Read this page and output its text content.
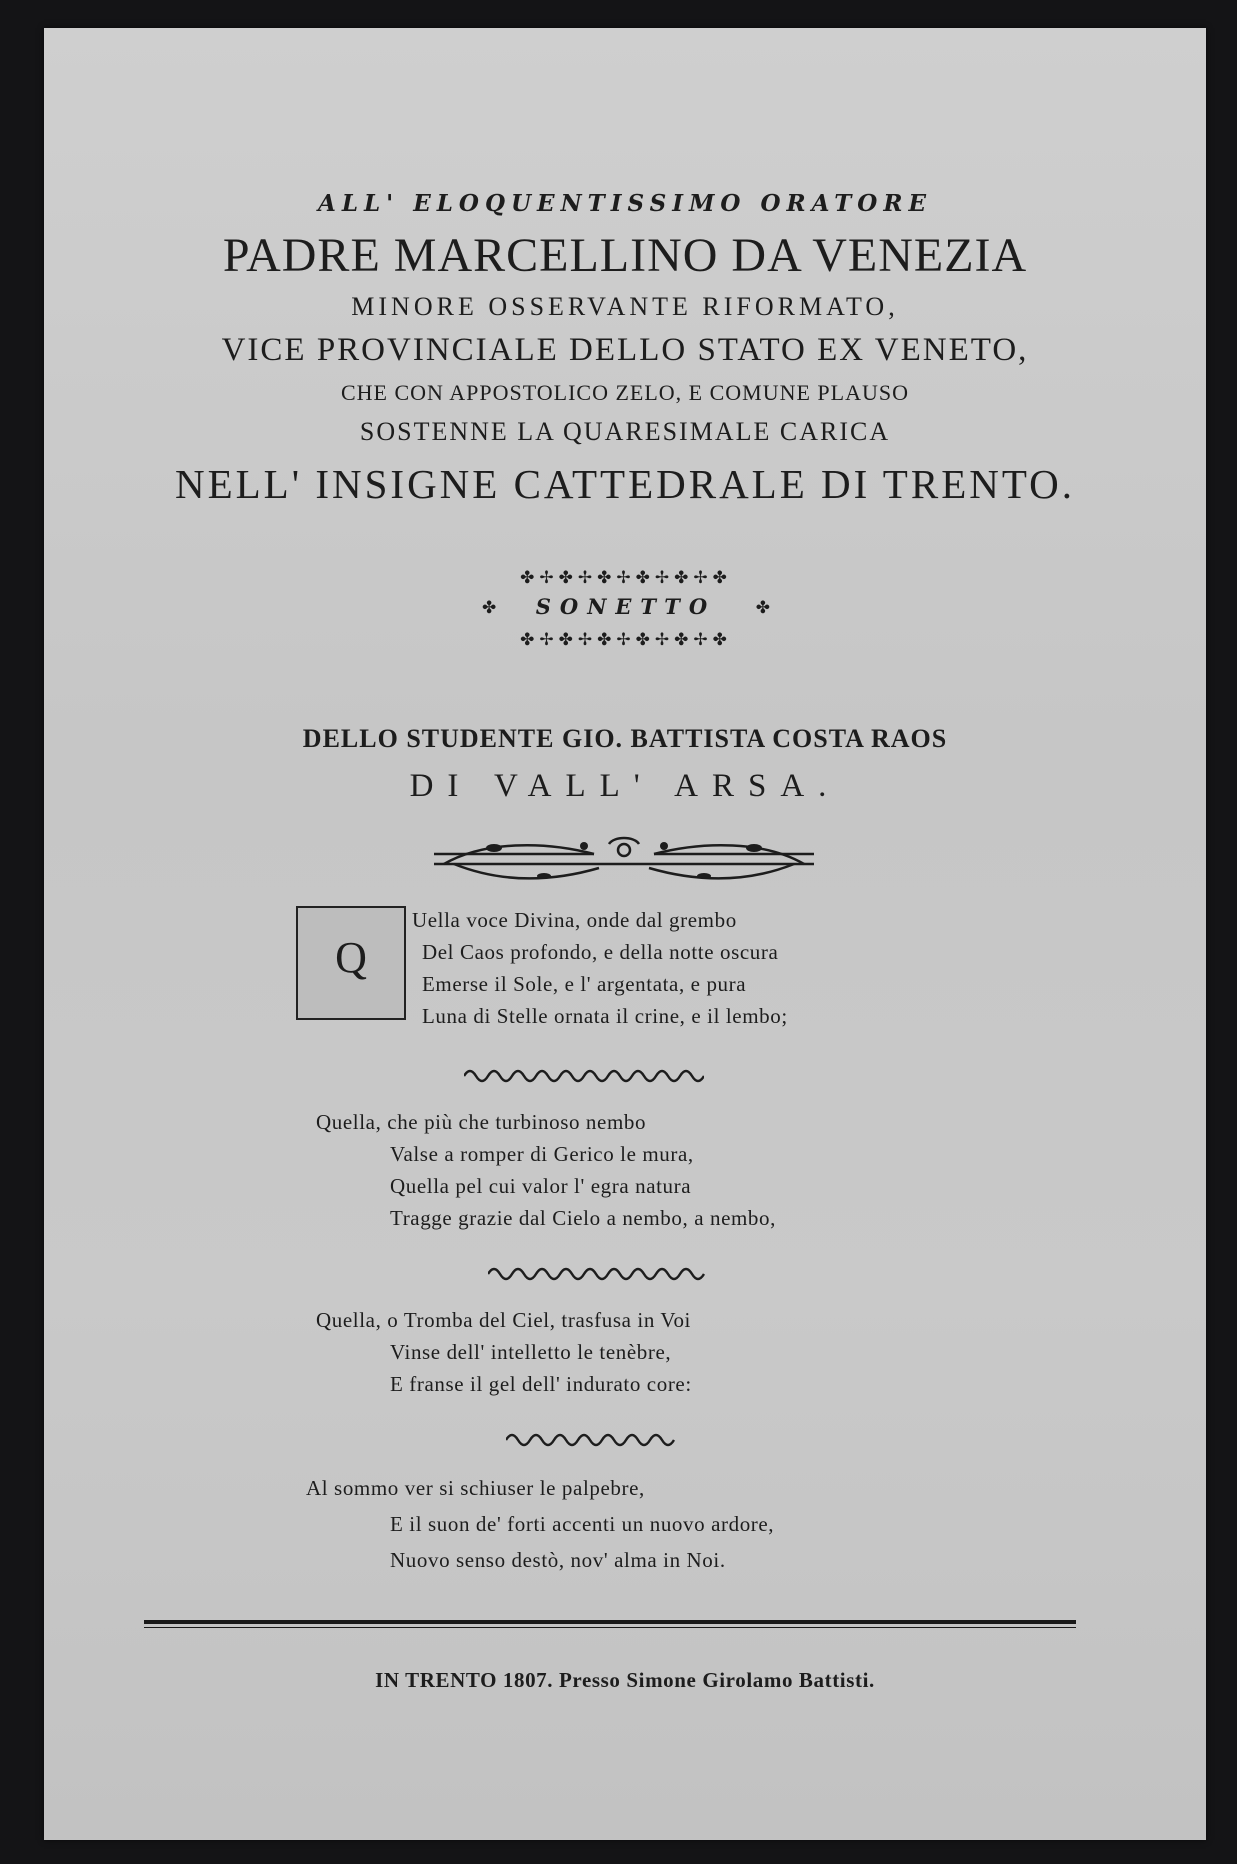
ALL' ELOQUENTISSIMO ORATORE
PADRE MARCELLINO DA VENEZIA
MINORE OSSERVANTE RIFORMATO,
VICE PROVINCIALE DELLO STATO EX VENETO,
CHE CON APPOSTOLICO ZELO, E COMUNE PLAUSO
SOSTENNE LA QUARESIMALE CARICA
NELL' INSIGNE CATTEDRALE DI TRENTO.
✤✢✤✢✤✢✤✢✤✢✤
✤	SONETTO	✤
✤✢✤✢✤✢✤✢✤✢✤
DELLO STUDENTE GIO. BATTISTA COSTA RAOS
DI VALL' ARSA.
Q
Uella voce Divina, onde dal grembo
Del Caos profondo, e della notte oscura
Emerse il Sole, e l' argentata, e pura
Luna di Stelle ornata il crine, e il lembo;
Quella, che più che turbinoso nembo
Valse a romper di Gerico le mura,
Quella pel cui valor l' egra natura
Tragge grazie dal Cielo a nembo, a nembo,
Quella, o Tromba del Ciel, trasfusa in Voi
Vinse dell' intelletto le tenèbre,
E franse il gel dell' indurato core:
Al sommo ver si schiuser le palpebre,
E il suon de' forti accenti un nuovo ardore,
Nuovo senso destò, nov' alma in Noi.
IN TRENTO 1807. Presso Simone Girolamo Battisti.
